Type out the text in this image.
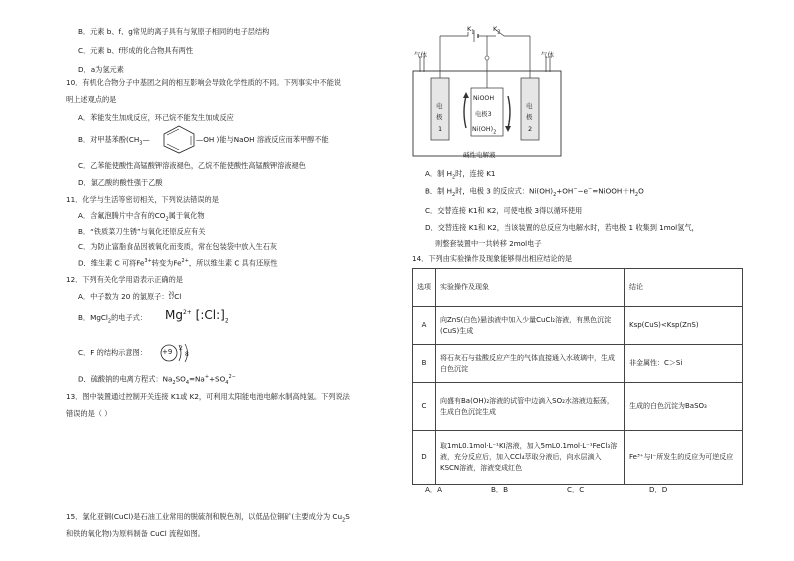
B．元素 b、f、g常见的离子具有与氖原子相同的电子层结构
C．元素 b、f形成的化合物具有两性
D．a为氢元素
10．有机化合物分子中基团之间的相互影响会导致化学性质的不同。下列事实中不能说
明上述观点的是
A．苯能发生加成反应，环己烷不能发生加成反应
B．对甲基苯酚($CH_3—$	—OH )能与NaOH 溶液反应而苯甲醇不能
C．乙苯能使酸性高锰酸钾溶液褪色，乙烷不能使酸性高锰酸钾溶液褪色
D．氯乙酸的酸性强于乙酸
11．化学与生活等密切相关，下列说法错误的是
A．含氟泡腾片中含有的$CO_2$属于氧化物
B．“铁质菜刀生锈”与氧化还原反应有关
C．为防止富脂食品因被氧化而变质，常在包装袋中放入生石灰
D．维生素 C 可将$Fe^{3+}$转变为$Fe^{2+}$，所以维生素 C 具有还原性
12．下列有关化学用语表示正确的是
A．中子数为 20 的氯原子：20
17Cl
B．MgCl$_2$的电子式： $Mg^{2+}$ $[:Cl:]_2$
C．F 的结构示意图： +9 2
8
D．硫酸钠的电离方程式：$Na_2SO_4=Na^++SO_4^{2-}$
13．图中装置通过控制开关连接 K1或 K2，可利用太阳能电池电解水制高纯氢。下列说法
错误的是（ ）
15．氯化亚铜(CuCl)是石油工业常用的脱硫剂和脱色剂，以低品位铜矿(主要成分为 $Cu_2S$
和铁的氧化物)为原料制备 CuCl 流程如图。
气体	气体
$K_1$	$K_2$
电
极
1
电
极
2
NiOOH
电极3
$Ni(OH)_2$
碱性电解液
A．制 $H_2$时，连接 K1
B．制 $H_2$时，电极 3 的反应式：$Ni(OH)_2+OH^--e^-=NiOOH+H_2O$
C．交替连接 K1和 K2，可使电极 3得以循环使用
D．交替连接 K1和 K2，当该装置的总反应为电解水时，若电极 1 收集到 1mol氢气，
则整套装置中一共转移 2mol电子
14．下列由实验操作及现象能够得出相应结论的是
选项	实验操作及现象	结论
A	向ZnS(白色)悬浊液中加入少量CuCl₂溶液，有黑色沉淀(CuS)生成	Ksp(CuS)<Ksp(ZnS)
B	将石灰石与盐酸反应产生的气体直接通入水玻璃中，生成白色沉淀	非金属性：C＞Si
C	向盛有Ba(OH)₂溶液的试管中边滴入SO₂水溶液边振荡，生成白色沉淀生成	生成的白色沉淀为BaSO₃
D	取1mL0.1mol·L⁻¹KI溶液，加入5mL0.1mol·L⁻¹FeCl₃溶液，充分反应后，加入CCl₄萃取分液后，向水层滴入KSCN溶液，溶液变成红色	Fe³⁺与I⁻所发生的反应为可逆反应
A．A	B．B	C．C	D．D
